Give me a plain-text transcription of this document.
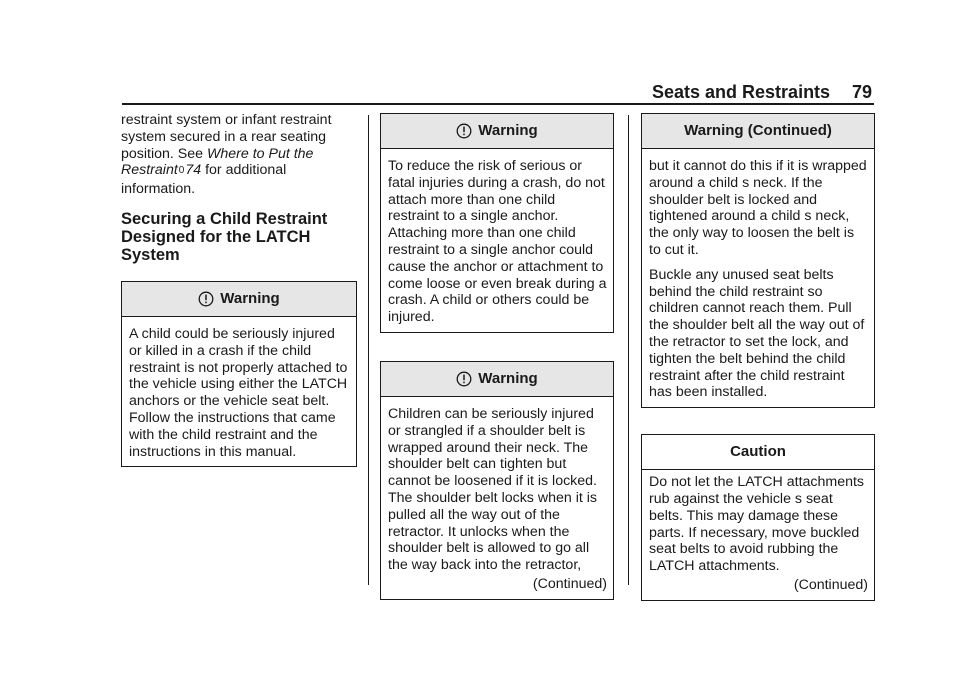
Seats and Restraints 79

restraint system or infant restraint system secured in a rear seating position. See Where to Put the Restraint074 for additional information.

Securing a Child Restraint Designed for the LATCH System
Warning

A child could be seriously injured or killed in a crash if the child restraint is not properly attached to the vehicle using either the LATCH anchors or the vehicle seat belt. Follow the instructions that came with the child restraint and the instructions in this manual.

Warning

To reduce the risk of serious or fatal injuries during a crash, do not attach more than one child restraint to a single anchor. Attaching more than one child restraint to a single anchor could cause the anchor or attachment to come loose or even break during a crash. A child or others could be injured.

Warning

Children can be seriously injured or strangled if a shoulder belt is wrapped around their neck. The shoulder belt can tighten but cannot be loosened if it is locked. The shoulder belt locks when it is pulled all the way out of the retractor. It unlocks when the shoulder belt is allowed to go all the way back into the retractor,

(Continued)
Warning (Continued)

but it cannot do this if it is wrapped around a child s neck. If the shoulder belt is locked and tightened around a child s neck, the only way to loosen the belt is to cut it.

Buckle any unused seat belts behind the child restraint so children cannot reach them. Pull the shoulder belt all the way out of the retractor to set the lock, and tighten the belt behind the child restraint after the child restraint has been installed.

Caution

Do not let the LATCH attachments rub against the vehicle s seat belts. This may damage these parts. If necessary, move buckled seat belts to avoid rubbing the LATCH attachments.

(Continued)
